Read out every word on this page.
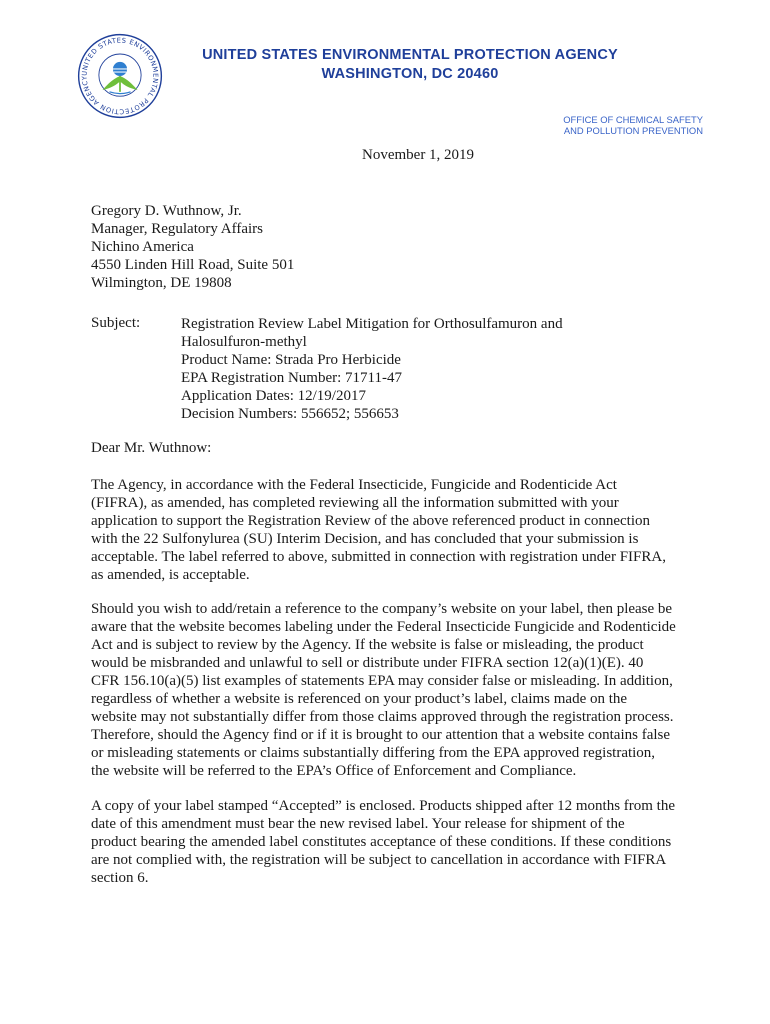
UNITED STATES ENVIRONMENTAL PROTECTION AGENCY
UNITED STATES ENVIRONMENTAL PROTECTION AGENCY
WASHINGTON, DC 20460
OFFICE OF CHEMICAL SAFETY
AND POLLUTION PREVENTION
November 1, 2019
Gregory D. Wuthnow, Jr.
Manager, Regulatory Affairs
Nichino America
4550 Linden Hill Road, Suite 501
Wilmington, DE 19808
Subject:	Registration Review Label Mitigation for Orthosulfamuron and
Halosulfuron-methyl
Product Name: Strada Pro Herbicide
EPA Registration Number: 71711-47
Application Dates: 12/19/2017
Decision Numbers: 556652; 556653
Dear Mr. Wuthnow:
The Agency, in accordance with the Federal Insecticide, Fungicide and Rodenticide Act
(FIFRA), as amended, has completed reviewing all the information submitted with your
application to support the Registration Review of the above referenced product in connection
with the 22 Sulfonylurea (SU) Interim Decision, and has concluded that your submission is
acceptable. The label referred to above, submitted in connection with registration under FIFRA,
as amended, is acceptable.
Should you wish to add/retain a reference to the company’s website on your label, then please be
aware that the website becomes labeling under the Federal Insecticide Fungicide and Rodenticide
Act and is subject to review by the Agency. If the website is false or misleading, the product
would be misbranded and unlawful to sell or distribute under FIFRA section 12(a)(1)(E). 40
CFR 156.10(a)(5) list examples of statements EPA may consider false or misleading. In addition,
regardless of whether a website is referenced on your product’s label, claims made on the
website may not substantially differ from those claims approved through the registration process.
Therefore, should the Agency find or if it is brought to our attention that a website contains false
or misleading statements or claims substantially differing from the EPA approved registration,
the website will be referred to the EPA’s Office of Enforcement and Compliance.
A copy of your label stamped “Accepted” is enclosed. Products shipped after 12 months from the
date of this amendment must bear the new revised label. Your release for shipment of the
product bearing the amended label constitutes acceptance of these conditions. If these conditions
are not complied with, the registration will be subject to cancellation in accordance with FIFRA
section 6.
